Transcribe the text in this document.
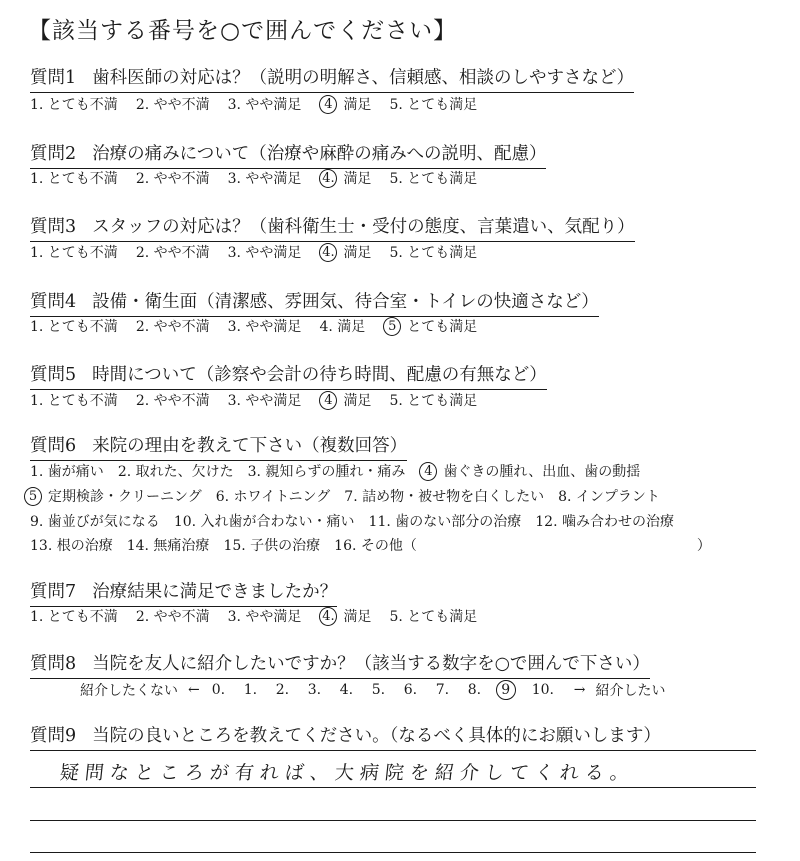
【該当する番号を○で囲んでください】
質問1 歯科医師の対応は？（説明の明解さ、信頼感、相談のしやすさなど）
1. とても不満 2. やや不満 3. やや満足	4 満足 5. とても満足
質問2 治療の痛みについて（治療や麻酔の痛みへの説明、配慮）
1. とても不満 2. やや不満 3. やや満足 4. 満足 5. とても満足
質問3 スタッフの対応は？（歯科衛生士・受付の態度、言葉遣い、気配り）
1. とても不満 2. やや不満 3. やや満足 4. 満足 5. とても満足
質問4 設備・衛生面（清潔感、雰囲気、待合室・トイレの快適さなど）
1. とても不満 2. やや不満 3. やや満足 4. 満足	5 とても満足
質問5 時間について（診察や会計の待ち時間、配慮の有無など）
1. とても不満 2. やや不満 3. やや満足	4 満足 5. とても満足
質問6 来院の理由を教えて下さい（複数回答）
1. 歯が痛い 2. 取れた、欠けた 3. 親知らずの腫れ・痛み	4 歯ぐきの腫れ、出血、歯の動揺
5 定期検診・クリーニング 6. ホワイトニング 7. 詰め物・被せ物を白くしたい 8. インプラント
9. 歯並びが気になる 10. 入れ歯が合わない・痛い 11. 歯のない部分の治療 12. 噛み合わせの治療
13. 根の治療 14. 無痛治療 15. 子供の治療 16. その他（	）
質問7 治療結果に満足できましたか？
1. とても不満 2. やや不満 3. やや満足 4. 満足 5. とても満足
質問8 当院を友人に紹介したいですか？（該当する数字を○で囲んで下さい）
紹介したくない ← 0.	1.	2.	3.	4.	5.	6.	7.	8.	9	10.	→ 紹介したい
質問9 当院の良いところを教えてください。（なるべく具体的にお願いします）
疑問なところが有れば、大病院を紹介してくれる。
